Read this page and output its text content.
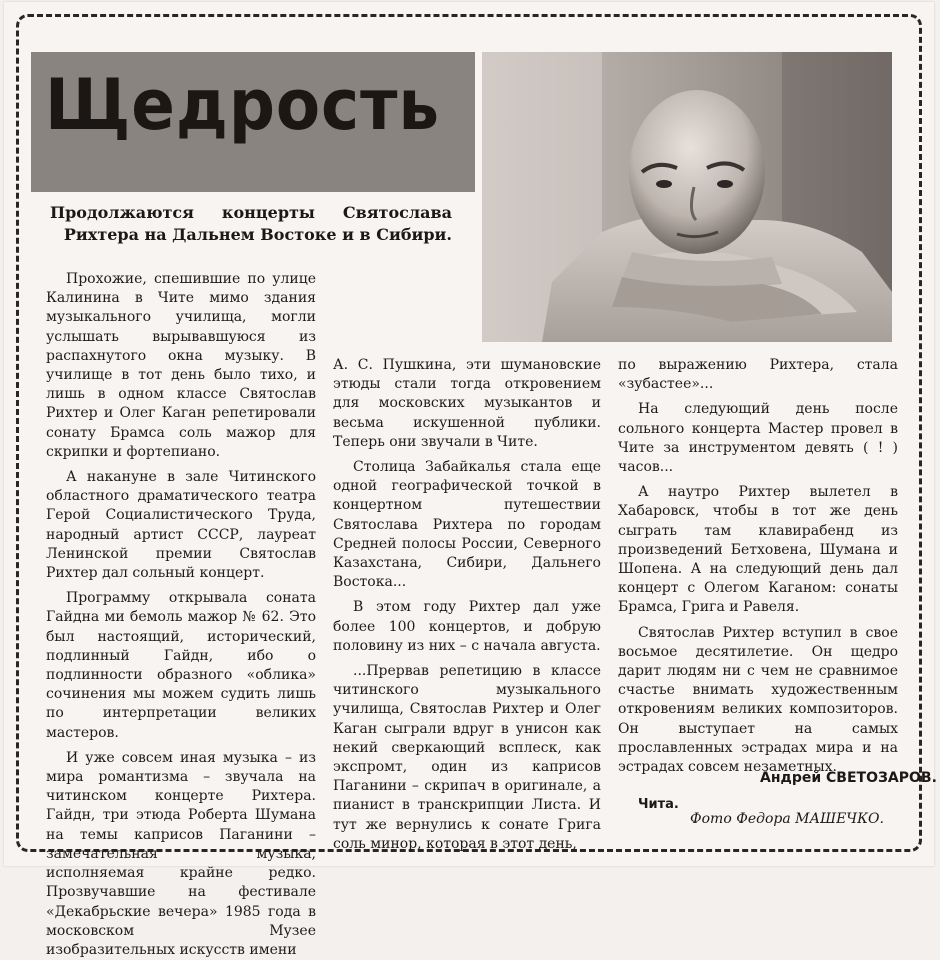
Щедрость
Продолжаются концерты Святослава Рихтера на Дальнем Востоке и в Сибири.

Прохожие, спешившие по улице Калинина в Чите мимо здания музыкального училища, могли услышать вырывавшуюся из распахнутого окна музыку. В училище в тот день было тихо, и лишь в одном классе Святослав Рихтер и Олег Каган репетировали сонату Брамса соль мажор для скрипки и фортепиано.

А накануне в зале Читинского областного драматического театра Герой Социалистического Труда, народный артист СССР, лауреат Ленинской премии Святослав Рихтер дал сольный концерт.

Программу открывала соната Гайдна ми бемоль мажор № 62. Это был настоящий, исторический, подлинный Гайдн, ибо о подлинности образного «облика» сочинения мы можем судить лишь по интерпретации великих мастеров.

И уже совсем иная музыка – из мира романтизма – звучала на читинском концерте Рихтера. Гайдн, три этюда Роберта Шумана на темы каприсов Паганини – замечательная музыка, исполняемая крайне редко. Прозвучавшие на фестивале «Декабрьские вечера» 1985 года в московском Музее изобразительных искусств имени

А. С. Пушкина, эти шумановские этюды стали тогда откровением для московских музыкантов и весьма искушенной публики. Теперь они звучали в Чите.

Столица Забайкалья стала еще одной географической точкой в концертном путешествии Святослава Рихтера по городам Средней полосы России, Северного Казахстана, Сибири, Дальнего Востока...

В этом году Рихтер дал уже более 100 концертов, и добрую половину из них – с начала августа.

...Прервав репетицию в классе читинского музыкального училища, Святослав Рихтер и Олег Каган сыграли вдруг в унисон как некий сверкающий всплеск, как экспромт, один из каприсов Паганини – скрипач в оригинале, а пианист в транскрипции Листа. И тут же вернулись к сонате Грига соль минор, которая в этот день,

по выражению Рихтера, стала «зубастее»...

На следующий день после сольного концерта Мастер провел в Чите за инструментом девять ( ! ) часов...

А наутро Рихтер вылетел в Хабаровск, чтобы в тот же день сыграть там клавирабенд из произведений Бетховена, Шумана и Шопена. А на следующий день дал концерт с Олегом Каганом: сонаты Брамса, Грига и Равеля.

Святослав Рихтер вступил в свое восьмое десятилетие. Он щедро дарит людям ни с чем не сравнимое счастье внимать художественным откровениям великих композиторов. Он выступает на самых прославленных эстрадах мира и на эстрадах совсем незаметных.

Андрей СВЕТОЗАРОВ.
Чита.
Фото Федора МАШЕЧКО.
